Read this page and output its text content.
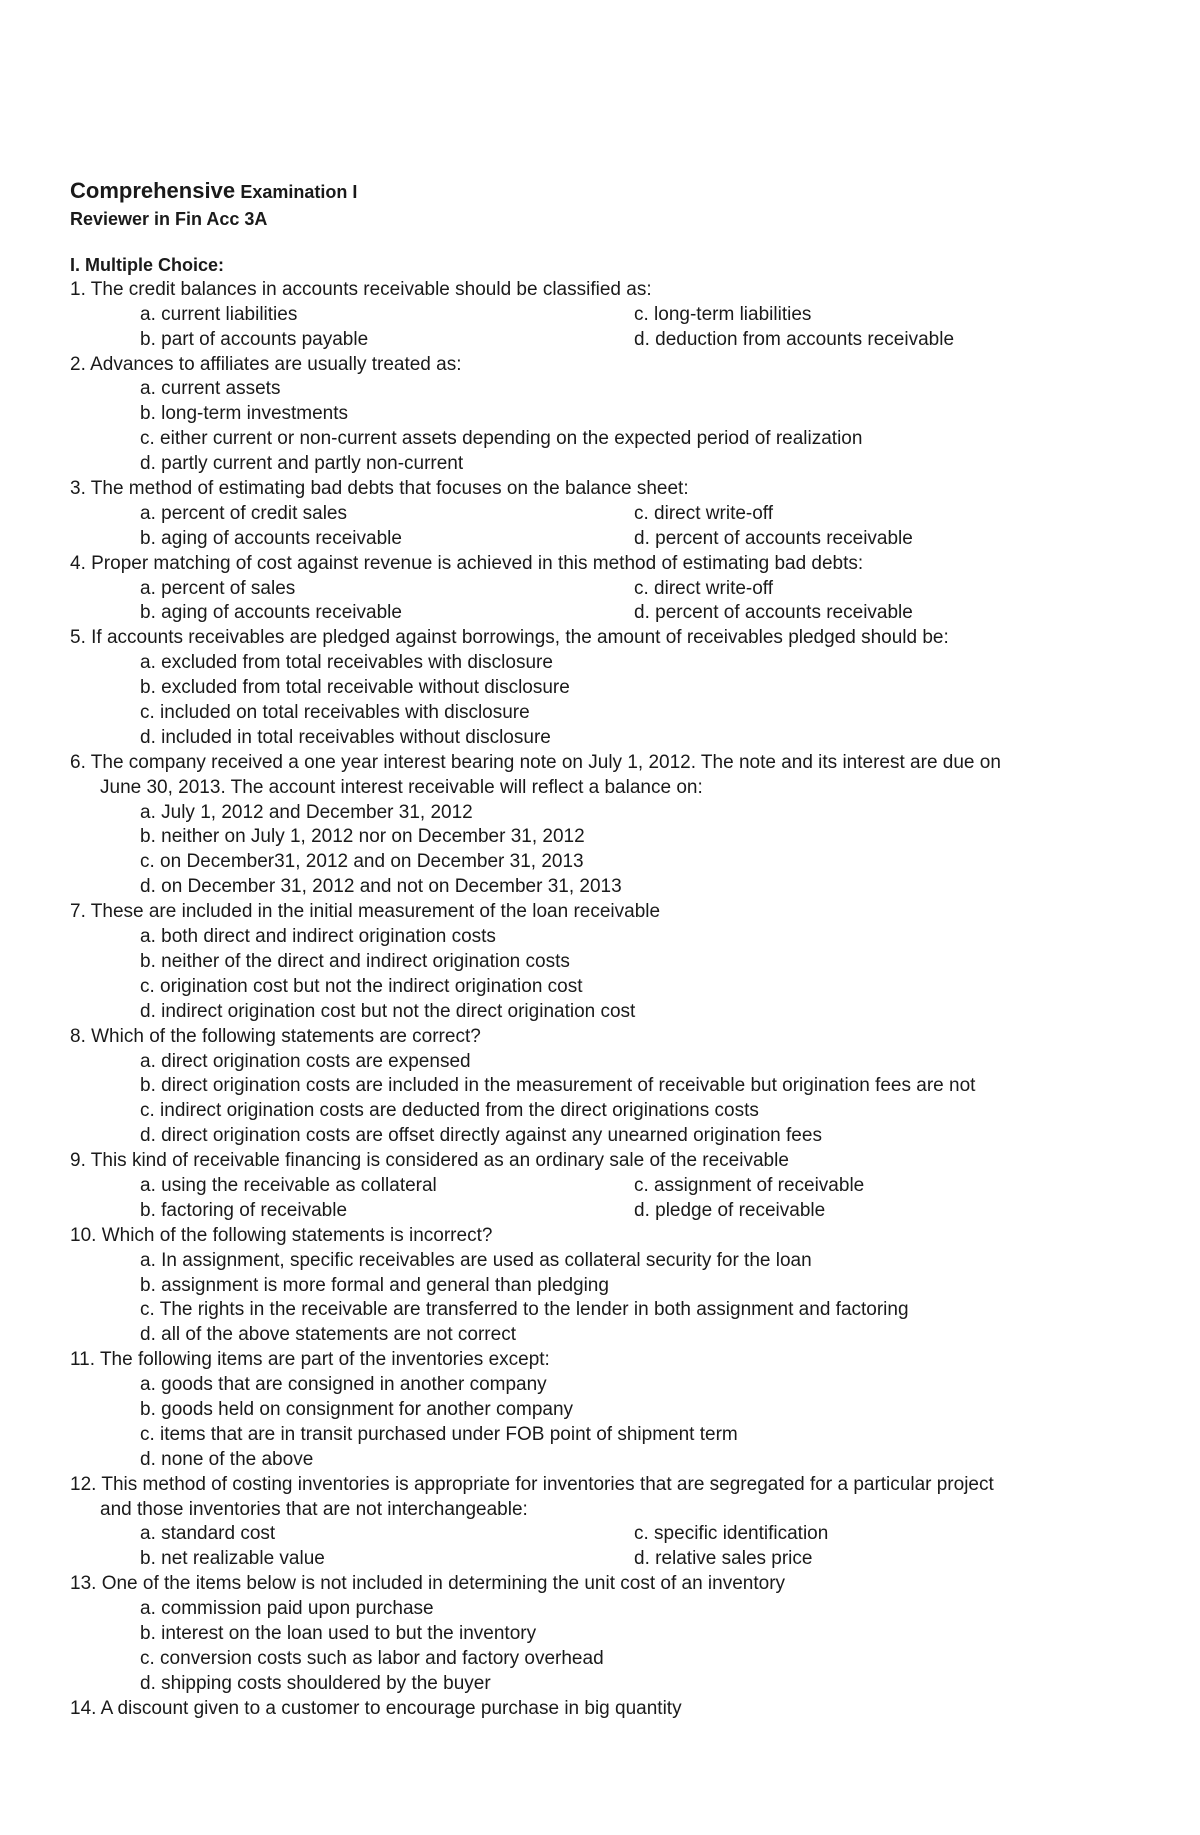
Comprehensive Examination I
Reviewer in Fin Acc 3A
I. Multiple Choice:
1. The credit balances in accounts receivable should be classified as:
a. current liabilities	c. long-term liabilities
b. part of accounts payable	d. deduction from accounts receivable
2. Advances to affiliates are usually treated as:
a. current assets
b. long-term investments
c. either current or non-current assets depending on the expected period of realization
d. partly current and partly non-current
3. The method of estimating bad debts that focuses on the balance sheet:
a. percent of credit sales	c. direct write-off
b. aging of accounts receivable	d. percent of accounts receivable
4. Proper matching of cost against revenue is achieved in this method of estimating bad debts:
a. percent of sales	c. direct write-off
b. aging of accounts receivable	d. percent of accounts receivable
5. If accounts receivables are pledged against borrowings, the amount of receivables pledged should be:
a. excluded from total receivables with disclosure
b. excluded from total receivable without disclosure
c. included on total receivables with disclosure
d. included in total receivables without disclosure
6. The company received a one year interest bearing note on July 1, 2012. The note and its interest are due on
June 30, 2013. The account interest receivable will reflect a balance on:
a. July 1, 2012 and December 31, 2012
b. neither on July 1, 2012 nor on December 31, 2012
c. on December31, 2012 and on December 31, 2013
d. on December 31, 2012 and not on December 31, 2013
7. These are included in the initial measurement of the loan receivable
a. both direct and indirect origination costs
b. neither of the direct and indirect origination costs
c. origination cost but not the indirect origination cost
d. indirect origination cost but not the direct origination cost
8. Which of the following statements are correct?
a. direct origination costs are expensed
b. direct origination costs are included in the measurement of receivable but origination fees are not
c. indirect origination costs are deducted from the direct originations costs
d. direct origination costs are offset directly against any unearned origination fees
9. This kind of receivable financing is considered as an ordinary sale of the receivable
a. using the receivable as collateral	c. assignment of receivable
b. factoring of receivable	d. pledge of receivable
10. Which of the following statements is incorrect?
a. In assignment, specific receivables are used as collateral security for the loan
b. assignment is more formal and general than pledging
c. The rights in the receivable are transferred to the lender in both assignment and factoring
d. all of the above statements are not correct
11. The following items are part of the inventories except:
a. goods that are consigned in another company
b. goods held on consignment for another company
c. items that are in transit purchased under FOB point of shipment term
d. none of the above
12. This method of costing inventories is appropriate for inventories that are segregated for a particular project
and those inventories that are not interchangeable:
a. standard cost	c. specific identification
b. net realizable value	d. relative sales price
13. One of the items below is not included in determining the unit cost of an inventory
a. commission paid upon purchase
b. interest on the loan used to but the inventory
c. conversion costs such as labor and factory overhead
d. shipping costs shouldered by the buyer
14. A discount given to a customer to encourage purchase in big quantity
